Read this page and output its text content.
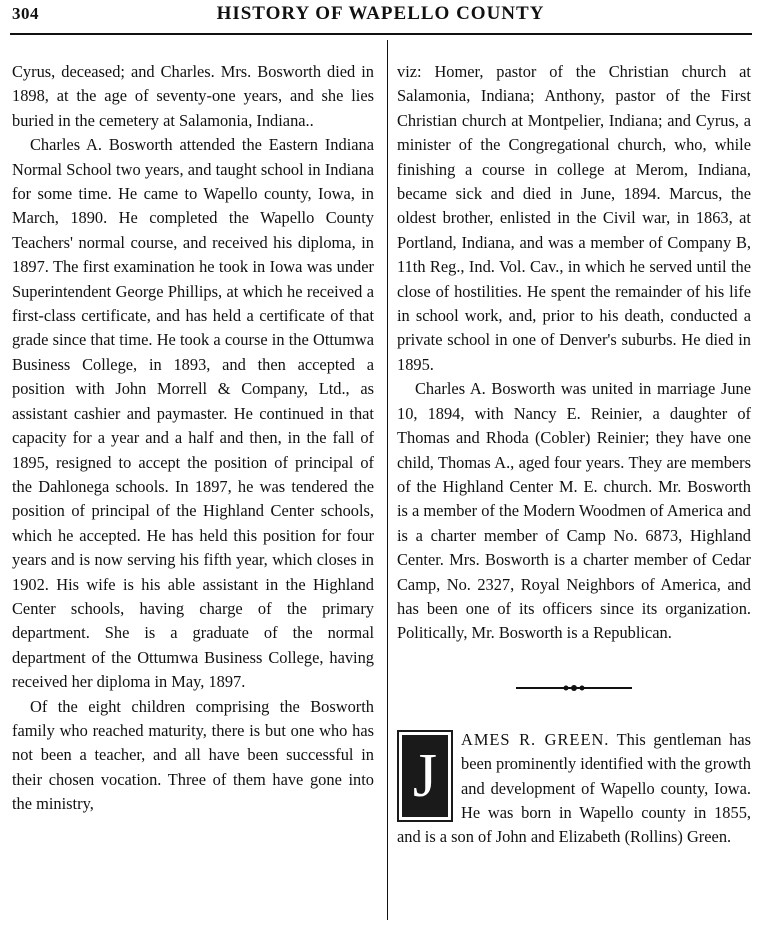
304	HISTORY OF WAPELLO COUNTY

Cyrus, deceased; and Charles. Mrs. Bosworth died in 1898, at the age of seventy-one years, and she lies buried in the cemetery at Salamonia, Indiana..

Charles A. Bosworth attended the Eastern Indiana Normal School two years, and taught school in Indiana for some time. He came to Wapello county, Iowa, in March, 1890. He completed the Wapello County Teachers' normal course, and received his diploma, in 1897. The first examination he took in Iowa was under Superintendent George Phillips, at which he received a first-class certificate, and has held a certificate of that grade since that time. He took a course in the Ottumwa Business College, in 1893, and then accepted a position with John Morrell & Company, Ltd., as assistant cashier and paymaster. He continued in that capacity for a year and a half and then, in the fall of 1895, resigned to accept the position of principal of the Dahlonega schools. In 1897, he was tendered the position of principal of the Highland Center schools, which he accepted. He has held this position for four years and is now serving his fifth year, which closes in 1902. His wife is his able assistant in the Highland Center schools, having charge of the primary department. She is a graduate of the normal department of the Ottumwa Business College, having received her diploma in May, 1897.

Of the eight children comprising the Bosworth family who reached maturity, there is but one who has not been a teacher, and all have been successful in their chosen vocation. Three of them have gone into the ministry,

viz: Homer, pastor of the Christian church at Salamonia, Indiana; Anthony, pastor of the First Christian church at Montpelier, Indiana; and Cyrus, a minister of the Congregational church, who, while finishing a course in college at Merom, Indiana, became sick and died in June, 1894. Marcus, the oldest brother, enlisted in the Civil war, in 1863, at Portland, Indiana, and was a member of Company B, 11th Reg., Ind. Vol. Cav., in which he served until the close of hostilities. He spent the remainder of his life in school work, and, prior to his death, conducted a private school in one of Denver's suburbs. He died in 1895.

Charles A. Bosworth was united in marriage June 10, 1894, with Nancy E. Reinier, a daughter of Thomas and Rhoda (Cobler) Reinier; they have one child, Thomas A., aged four years. They are members of the Highland Center M. E. church. Mr. Bosworth is a member of the Modern Woodmen of America and is a charter member of Camp No. 6873, Highland Center. Mrs. Bosworth is a charter member of Cedar Camp, No. 2327, Royal Neighbors of America, and has been one of its officers since its organization. Politically, Mr. Bosworth is a Republican.

J
AMES R. GREEN. This gentleman has been prominently identified with the growth and development of Wapello county, Iowa. He was born in Wapello county in 1855, and is a son of John and Elizabeth (Rollins) Green.
